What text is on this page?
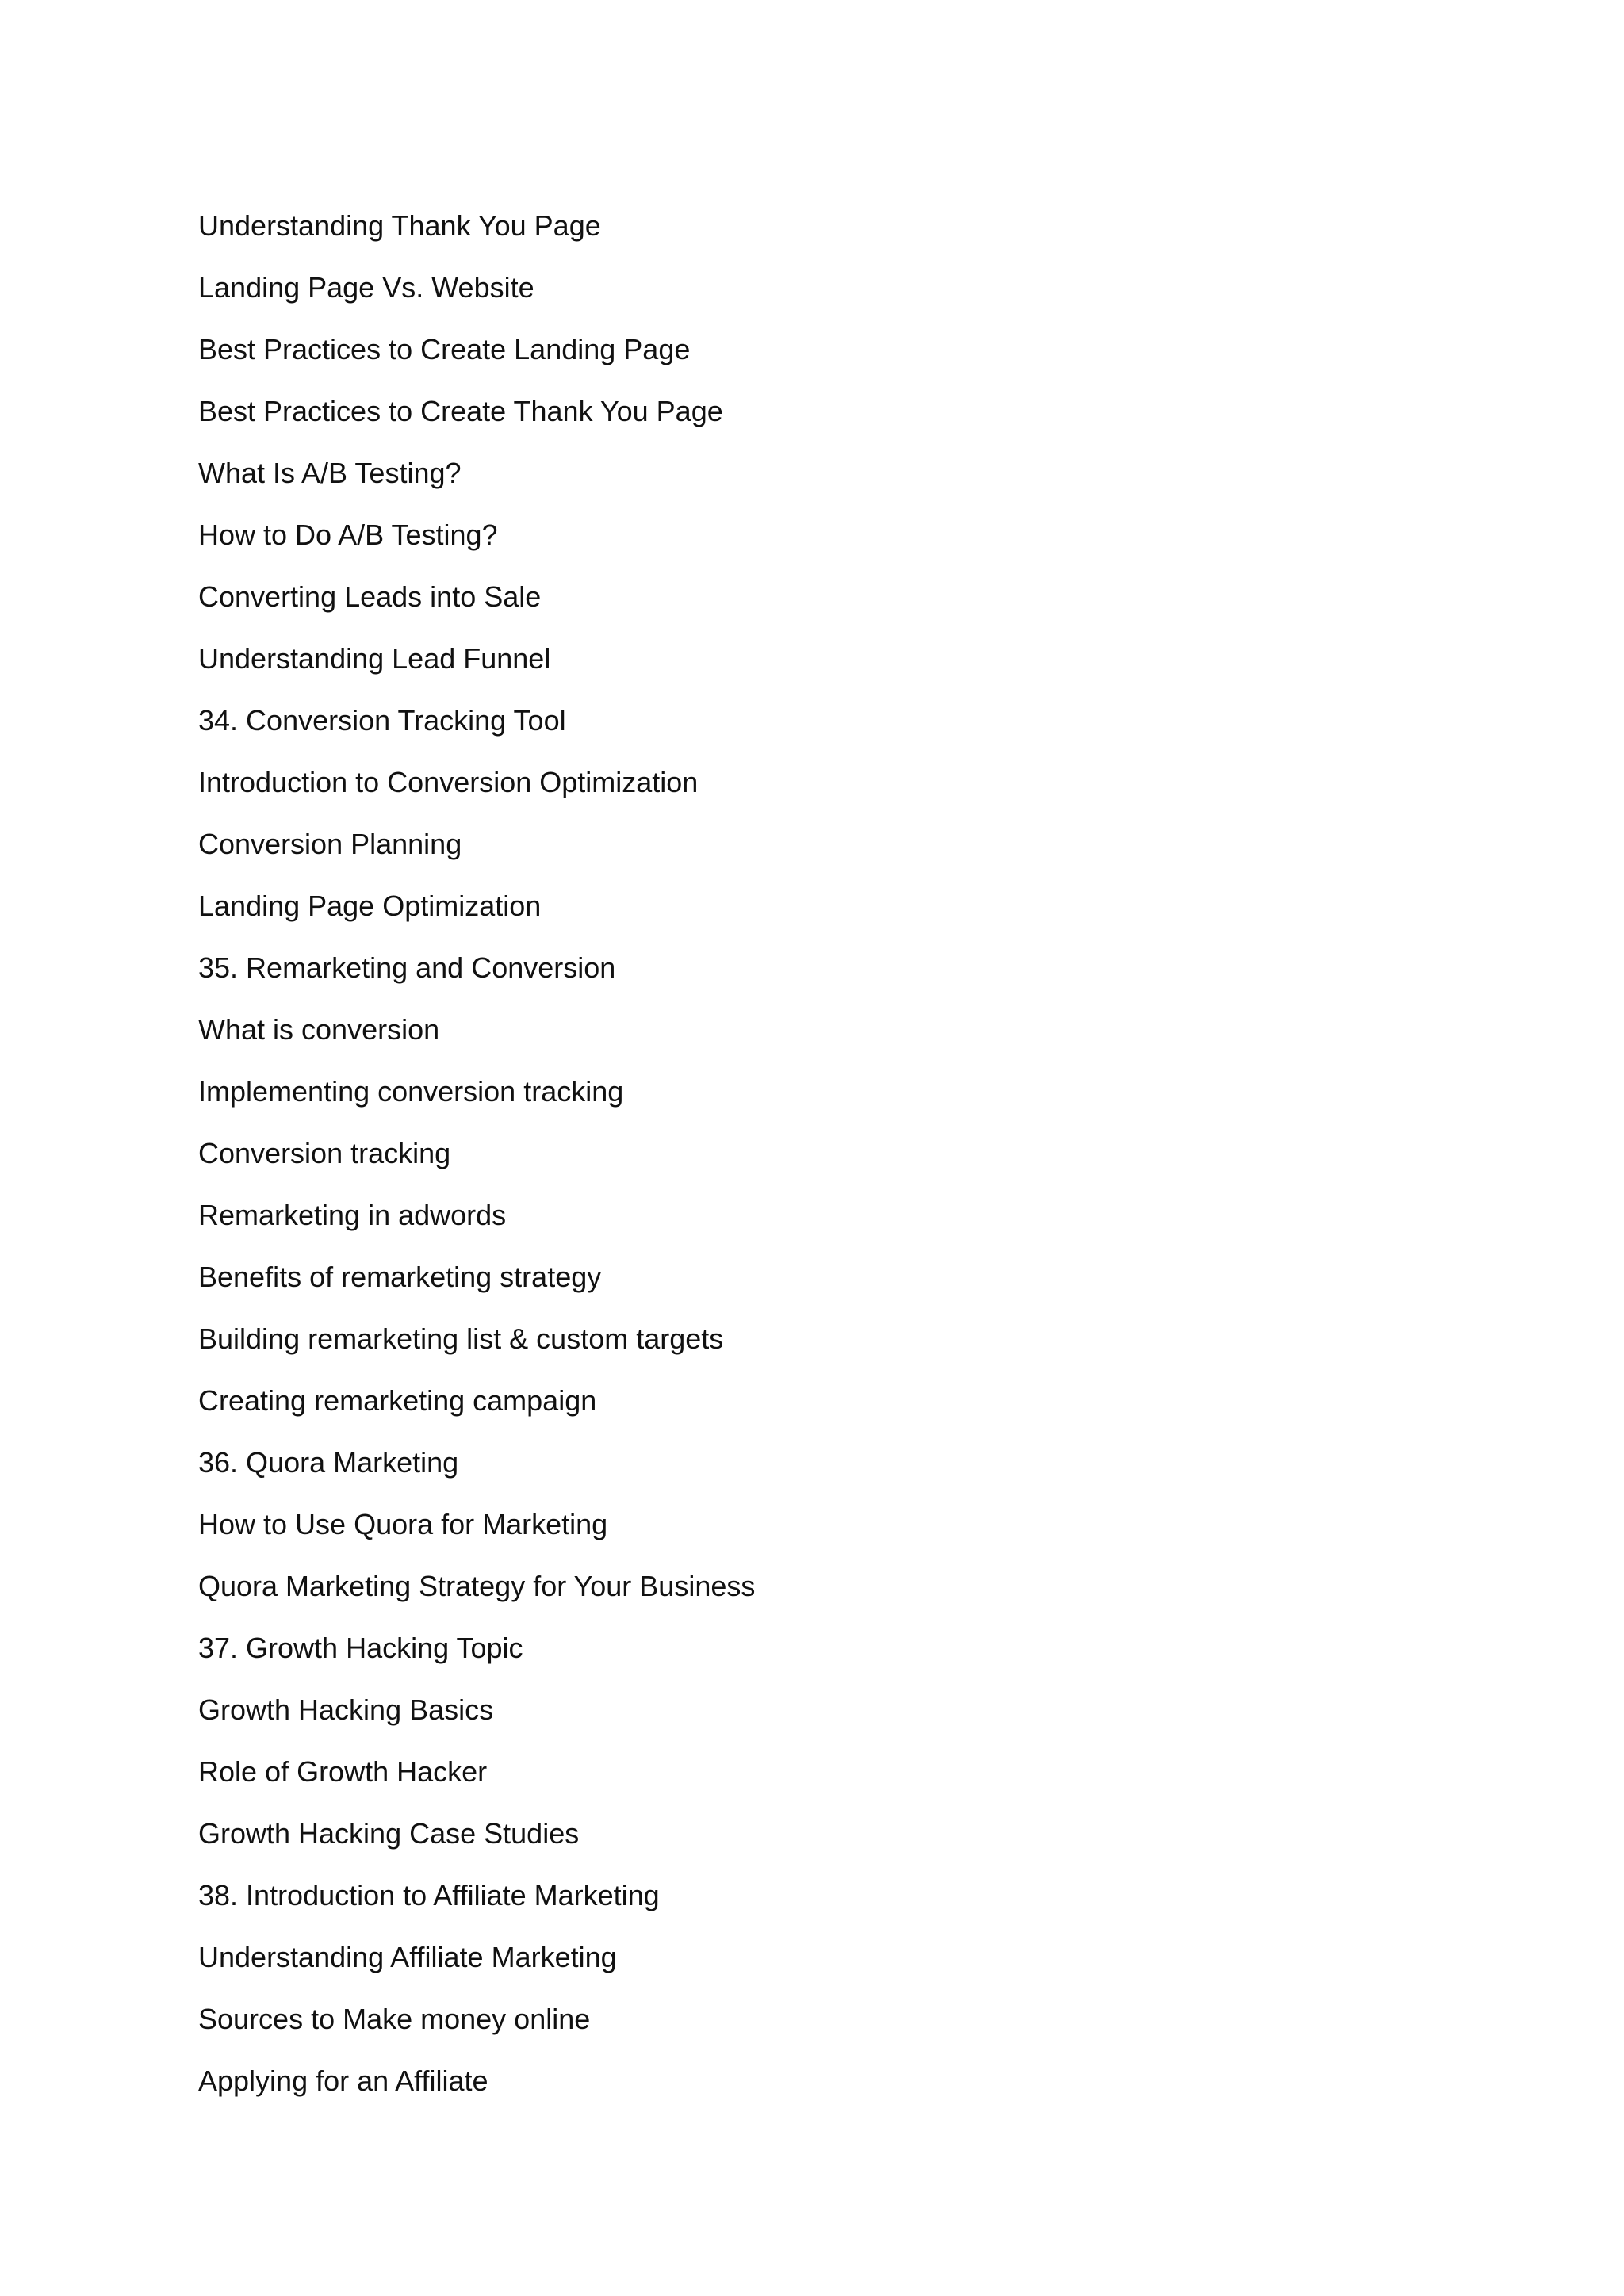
Understanding Thank You Page
Landing Page Vs. Website
Best Practices to Create Landing Page
Best Practices to Create Thank You Page
What Is A/B Testing?
How to Do A/B Testing?
Converting Leads into Sale
Understanding Lead Funnel
34. Conversion Tracking Tool
Introduction to Conversion Optimization
Conversion Planning
Landing Page Optimization
35. Remarketing and Conversion
What is conversion
Implementing conversion tracking
Conversion tracking
Remarketing in adwords
Benefits of remarketing strategy
Building remarketing list & custom targets
Creating remarketing campaign
36. Quora Marketing
How to Use Quora for Marketing
Quora Marketing Strategy for Your Business
37. Growth Hacking Topic
Growth Hacking Basics
Role of Growth Hacker
Growth Hacking Case Studies
38. Introduction to Affiliate Marketing
Understanding Affiliate Marketing
Sources to Make money online
Applying for an Affiliate
